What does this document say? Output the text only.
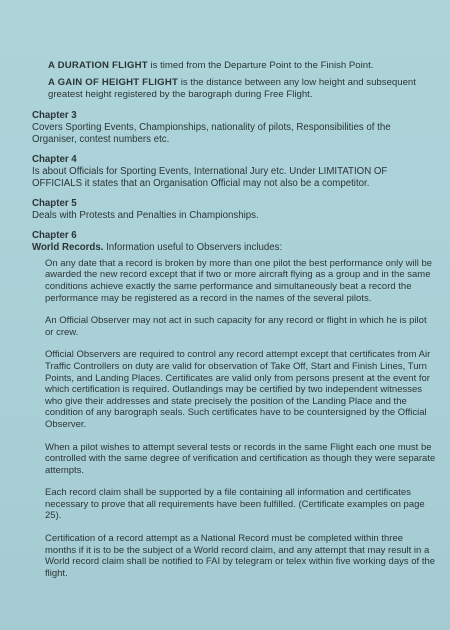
A DURATION FLIGHT is timed from the Departure Point to the Finish Point.

A GAIN OF HEIGHT FLIGHT is the distance between any low height and subsequent greatest height registered by the barograph during Free Flight.

Chapter 3
Covers Sporting Events, Championships, nationality of pilots, Responsibilities of the Organiser, contest numbers etc.
Chapter 4
Is about Officials for Sporting Events, International Jury etc. Under LIMITATION OF OFFICIALS it states that an Organisation Official may not also be a competitor.
Chapter 5
Deals with Protests and Penalties in Championships.
Chapter 6
World Records. Information useful to Observers includes:

On any date that a record is broken by more than one pilot the best performance only will be awarded the new record except that if two or more aircraft flying as a group and in the same conditions achieve exactly the same performance and simultaneously beat a record the performance may be registered as a record in the names of the several pilots.

An Official Observer may not act in such capacity for any record or flight in which he is pilot or crew.

Official Observers are required to control any record attempt except that certificates from Air Traffic Controllers on duty are valid for observation of Take Off, Start and Finish Lines, Turn Points, and Landing Places. Certificates are valid only from persons present at the event for which certification is required. Outlandings may be certified by two independent witnesses who give their addresses and state precisely the position of the Landing Place and the condition of any barograph seals. Such certificates have to be countersigned by the Official Observer.

When a pilot wishes to attempt several tests or records in the same Flight each one must be controlled with the same degree of verification and certification as though they were separate attempts.

Each record claim shall be supported by a file containing all information and certificates necessary to prove that all requirements have been fulfilled. (Certificate examples on page 25).

Certification of a record attempt as a National Record must be completed within three months if it is to be the subject of a World record claim, and any attempt that may result in a World record claim shall be notified to FAI by telegram or telex within five working days of the flight.
